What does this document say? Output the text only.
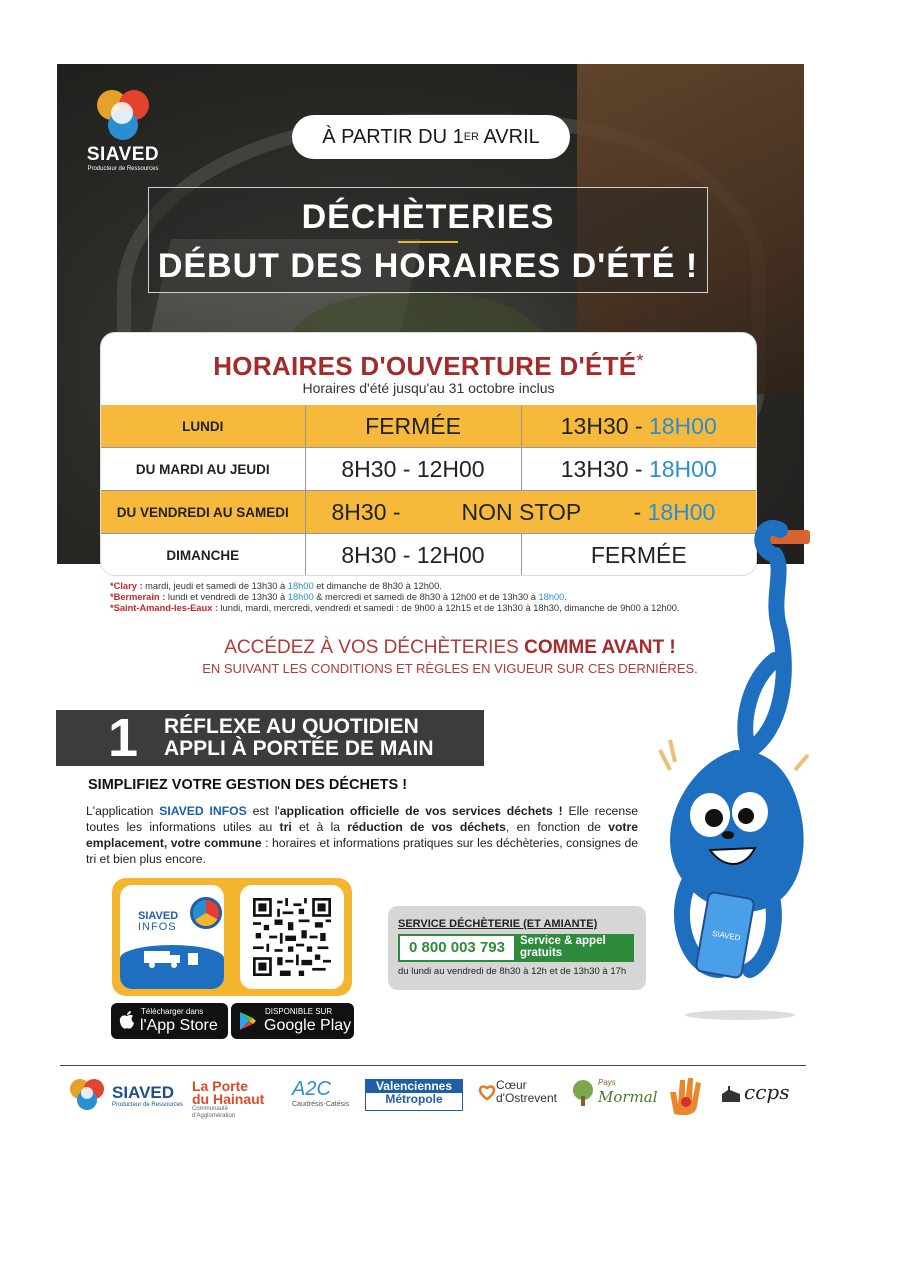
SIAVED
Producteur de Ressources
À PARTIR DU 1 ER AVRIL
DÉCHÈTERIES
DÉBUT DES HORAIRES D'ÉTÉ !
HORAIRES D'OUVERTURE D'ÉTÉ*
Horaires d'été jusqu'au 31 octobre inclus
LUNDI	FERMÉE	13H30 - 18H00
DU MARDI AU JEUDI	8H30 - 12H00	13H30 - 18H00
DU VENDREDI AU SAMEDI	8H30 - NON STOP - 18H00	

DIMANCHE	8H30 - 12H00	FERMÉE
*Clary : mardi, jeudi et samedi de 13h30 à 18h00 et dimanche de 8h30 à 12h00.
*Bermerain : lundi et vendredi de 13h30 à 18h00 & mercredi et samedi de 8h30 à 12h00 et de 13h30 à 18h00.
*Saint-Amand-les-Eaux : lundi, mardi, mercredi, vendredi et samedi : de 9h00 à 12h15 et de 13h30 à 18h30, dimanche de 9h00 à 12h00.
ACCÉDEZ À VOS DÉCHÈTERIES COMME AVANT !
EN SUIVANT LES CONDITIONS ET RÈGLES EN VIGUEUR SUR CES DERNIÈRES.
1 RÉFLEXE AU QUOTIDIEN
APPLI À PORTÉE DE MAIN
SIMPLIFIEZ VOTRE GESTION DES DÉCHETS !
L'application SIAVED INFOS est l'application officielle de vos services déchets ! Elle recense toutes les informations utiles au tri et à la réduction de vos déchets, en fonction de votre emplacement, votre commune : horaires et informations pratiques sur les déchèteries, consignes de tri et bien plus encore.
SIAVED
INFOS
Télécharger dans
l'App Store
DISPONIBLE SUR
Google Play
SERVICE DÉCHÈTERIE (ET AMIANTE)
0 800 003 793	Service & appel
gratuits
du lundi au vendredi de 8h30 à 12h et de 13h30 à 17h
SIAVED
SIAVED
Producteur de Ressources
La Porte
du Hainaut
Communauté d'Agglomération
A2C
Caudrésis-Catésis
Valenciennes
Métropole
Cœur
d'Ostrevent
Pays
Mormal	ccps
